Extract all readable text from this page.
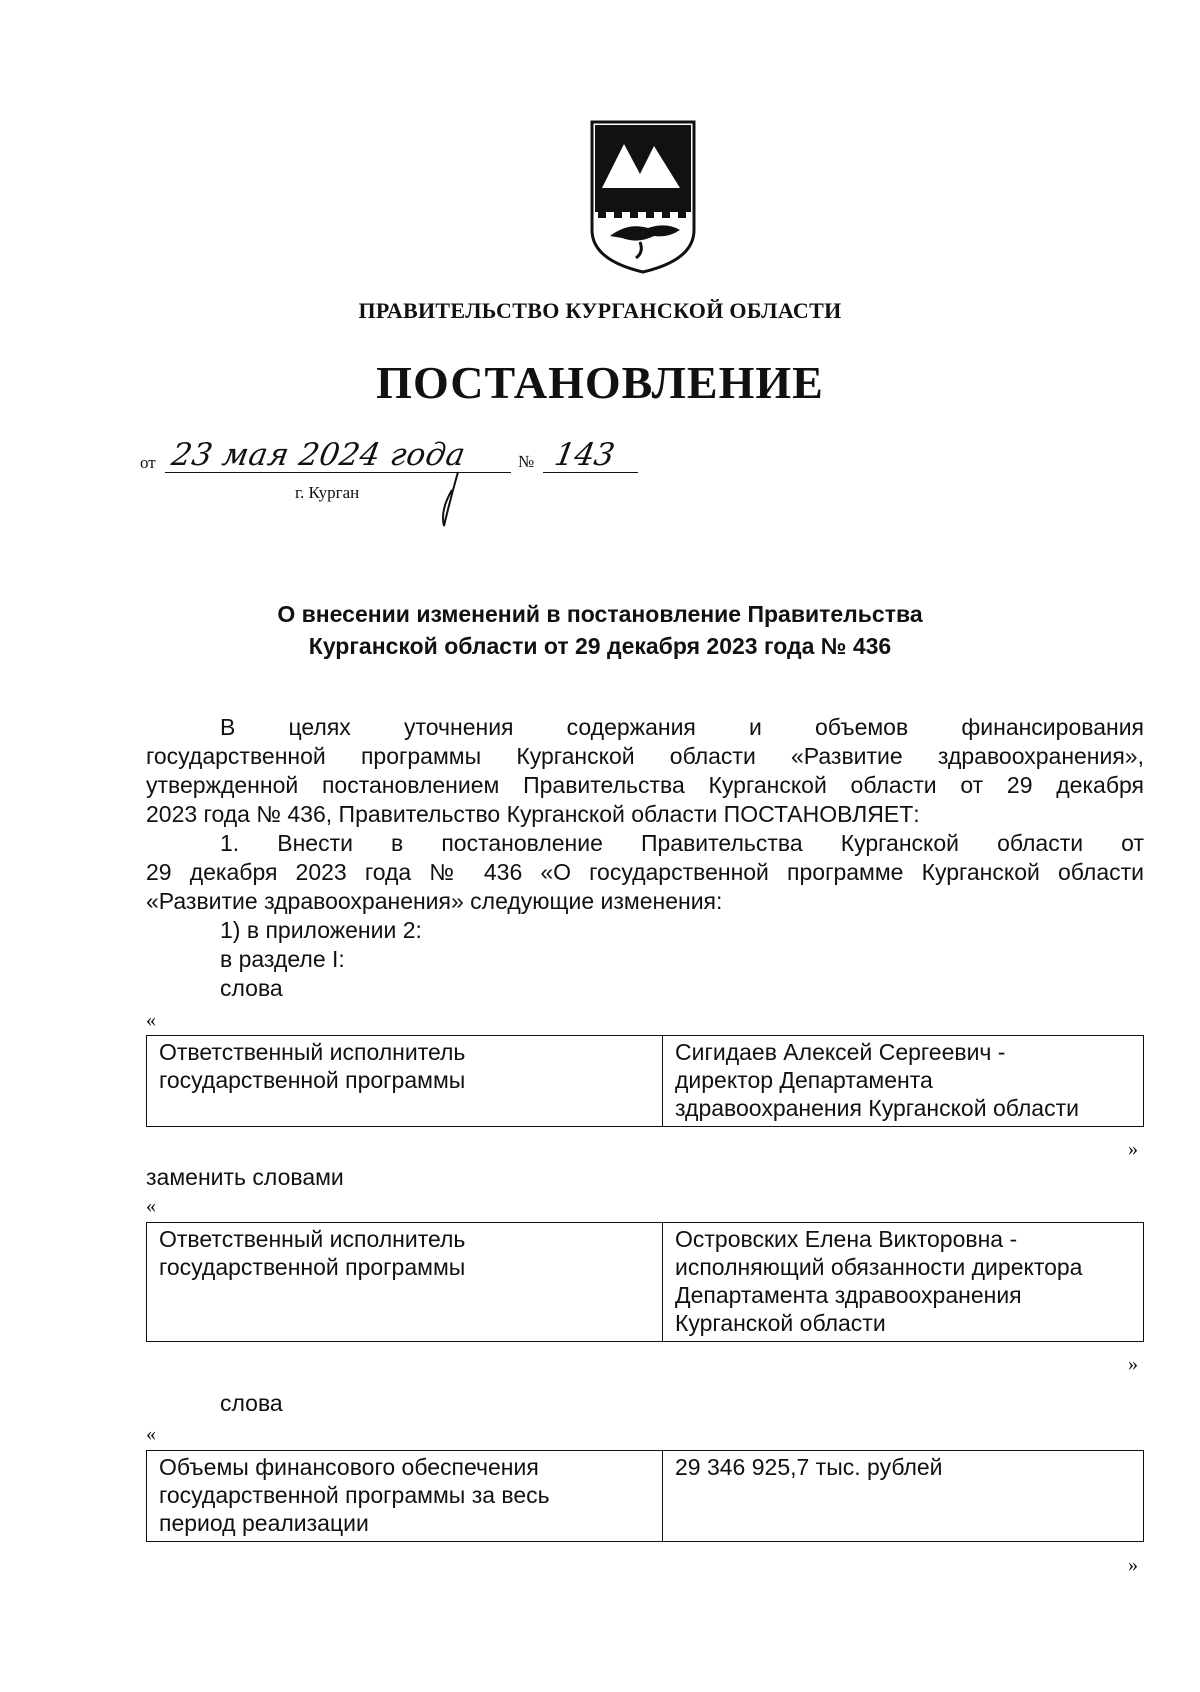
ПРАВИТЕЛЬСТВО КУРГАНСКОЙ ОБЛАСТИ
ПОСТАНОВЛЕНИЕ
от 23 мая 2024 года	№ 143
г. Курган
О внесении изменений в постановление Правительства
Курганской области от 29 декабря 2023 года № 436
В целях уточнения содержания и объемов финансирования
государственной программы Курганской области «Развитие здравоохранения»,
утвержденной постановлением Правительства Курганской области от 29 декабря
2023 года № 436, Правительство Курганской области ПОСТАНОВЛЯЕТ:
1. Внести в постановление Правительства Курганской области от
29 декабря 2023 года № 436 «О государственной программе Курганской области
«Развитие здравоохранения» следующие изменения:
1) в приложении 2:
в разделе I:
слова
«
Ответственный исполнитель
государственной программы

Сигидаев Алексей Сергеевич -
директор Департамента
здравоохранения Курганской области
»
заменить словами
«
Ответственный исполнитель
государственной программы

Островских Елена Викторовна -
исполняющий обязанности директора
Департамента здравоохранения
Курганской области
»
слова
«
Объемы финансового обеспечения
государственной программы за весь
период реализации

29 346 925,7 тыс. рублей
»
